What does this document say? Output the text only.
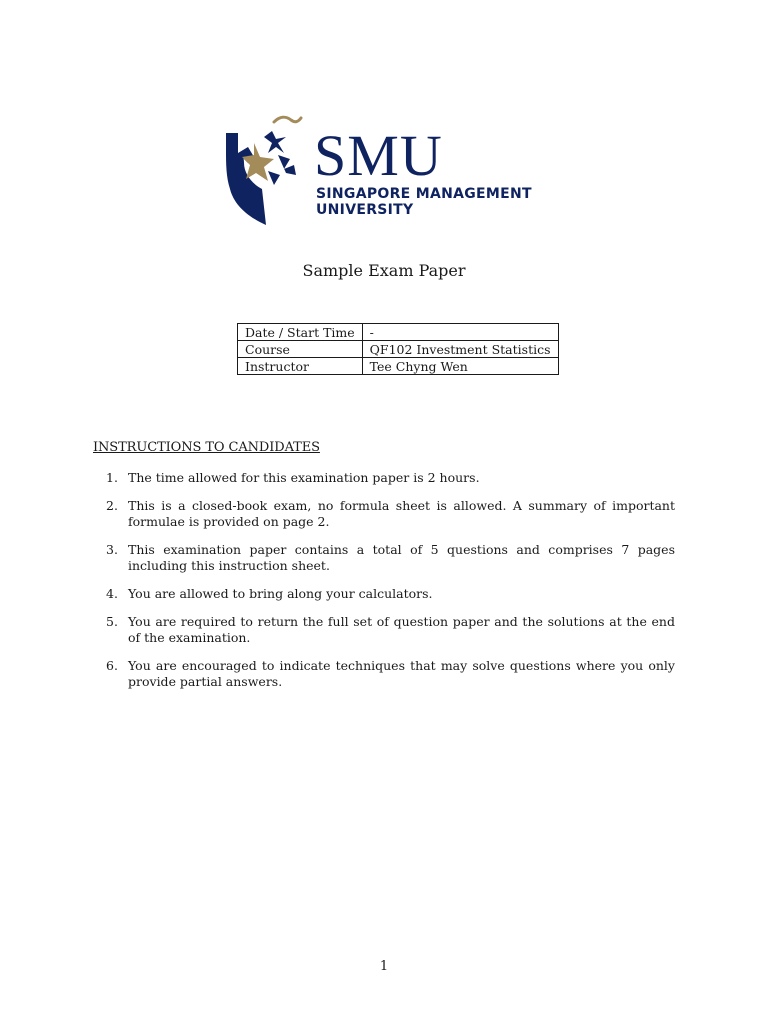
SMU
SINGAPORE MANAGEMENT
UNIVERSITY
Sample Exam Paper
Date / Start Time	-
Course	QF102 Investment Statistics
Instructor	Tee Chyng Wen
INSTRUCTIONS TO CANDIDATES
1. The time allowed for this examination paper is 2 hours.
2. This is a closed-book exam, no formula sheet is allowed. A summary of important formulae is provided on page 2.
3. This examination paper contains a total of 5 questions and comprises 7 pages including this instruction sheet.
4. You are allowed to bring along your calculators.
5. You are required to return the full set of question paper and the solutions at the end of the examination.
6. You are encouraged to indicate techniques that may solve questions where you only provide partial answers.
1
